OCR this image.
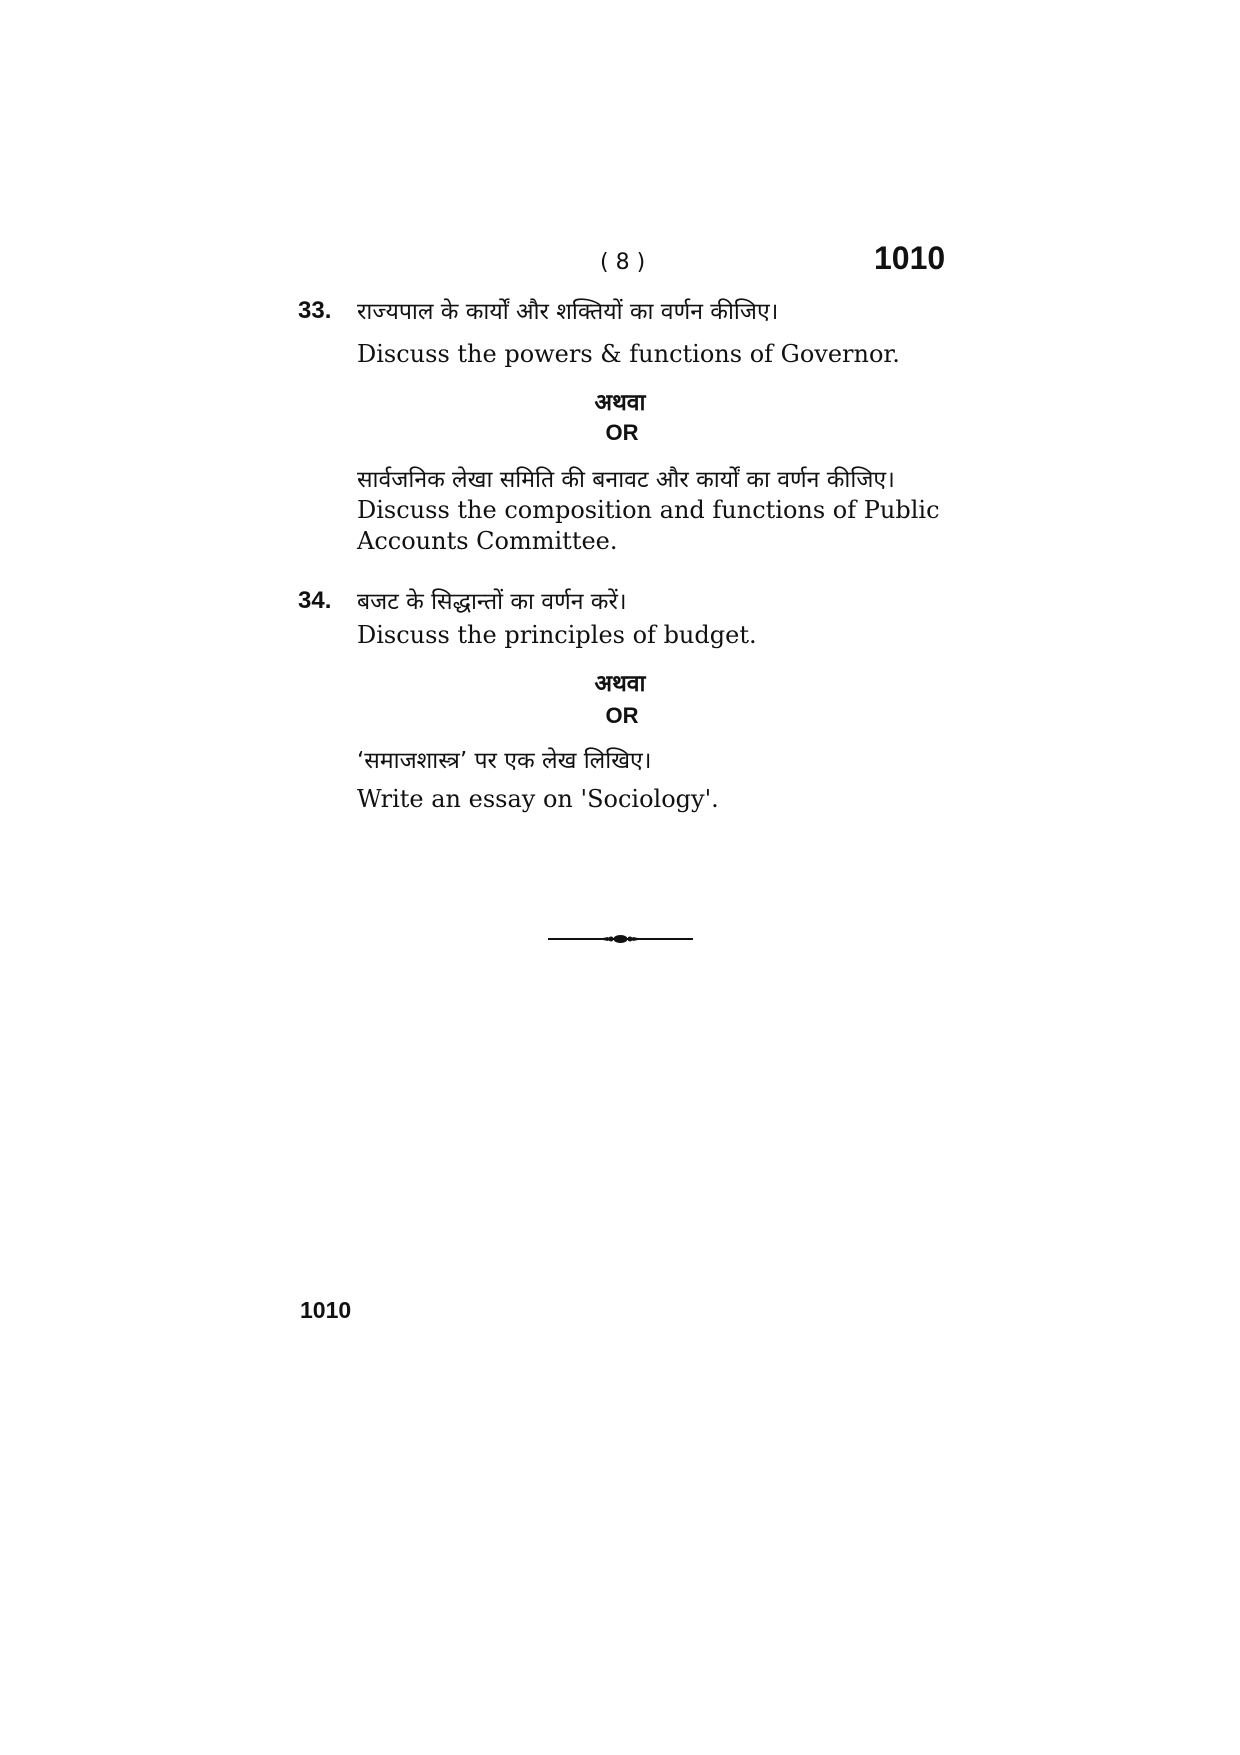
( 8 )	1010
33. राज्यपाल के कार्यों और शक्तियों का वर्णन कीजिए।
Discuss the powers & functions of Governor.
अथवा
OR
सार्वजनिक लेखा समिति की बनावट और कार्यों का वर्णन कीजिए।
Discuss the composition and functions of Public
Accounts Committee.
34. बजट के सिद्धान्तों का वर्णन करें।
Discuss the principles of budget.
अथवा
OR
‘समाजशास्त्र’ पर एक लेख लिखिए।
Write an essay on 'Sociology'.
1010
